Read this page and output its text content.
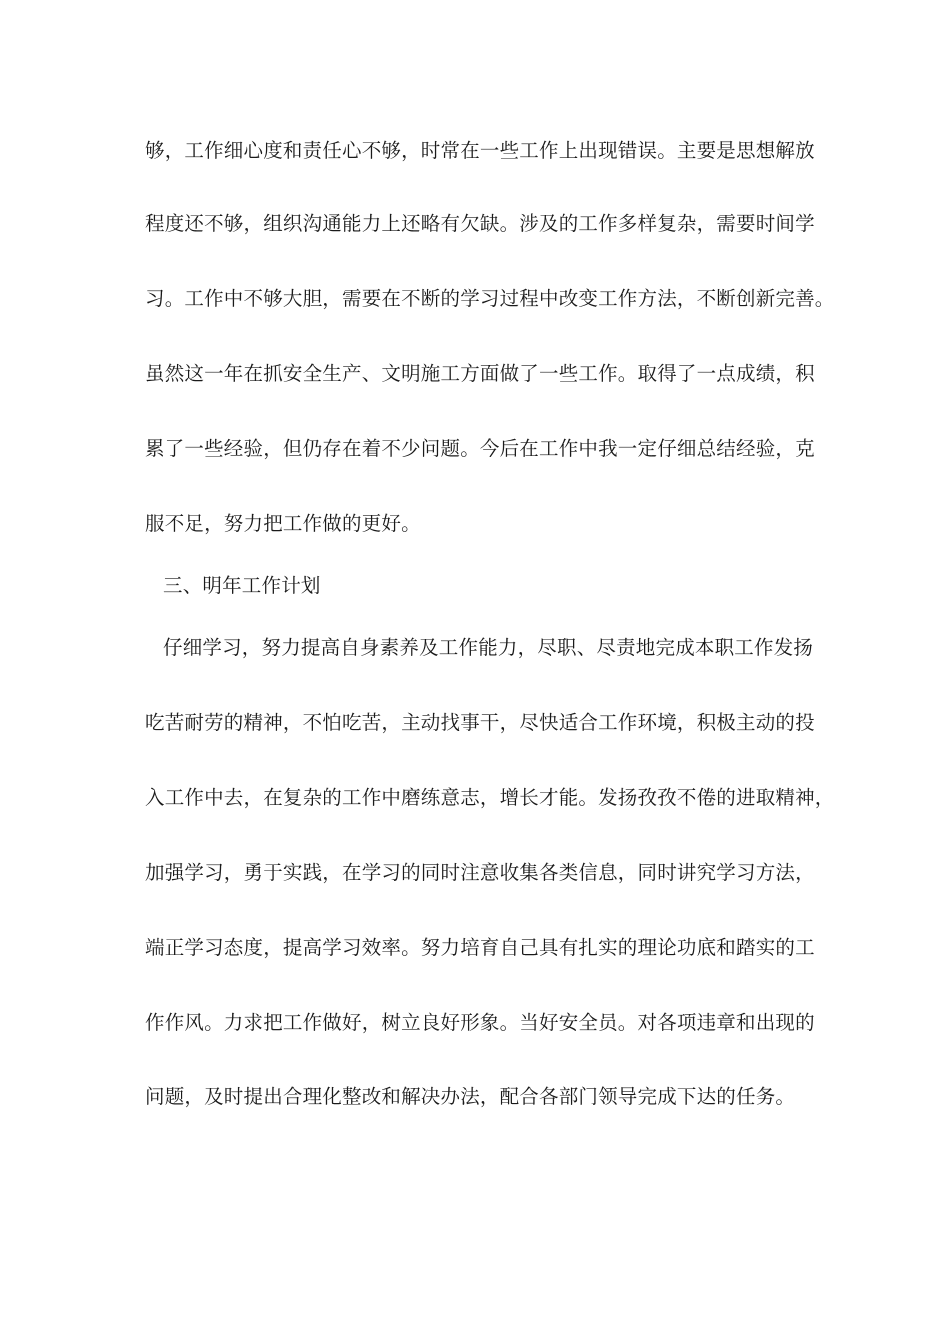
够，工作细心度和责任心不够，时常在一些工作上出现错误。主要是思想解放
程度还不够，组织沟通能力上还略有欠缺。涉及的工作多样复杂，需要时间学
习。工作中不够大胆，需要在不断的学习过程中改变工作方法，不断创新完善。
虽然这一年在抓安全生产、文明施工方面做了一些工作。取得了一点成绩，积
累了一些经验，但仍存在着不少问题。今后在工作中我一定仔细总结经验，克
服不足，努力把工作做的更好。
三、明年工作计划
仔细学习，努力提高自身素养及工作能力，尽职、尽责地完成本职工作发扬
吃苦耐劳的精神，不怕吃苦，主动找事干，尽快适合工作环境，积极主动的投
入工作中去，在复杂的工作中磨练意志，增长才能。发扬孜孜不倦的进取精神，
加强学习，勇于实践，在学习的同时注意收集各类信息，同时讲究学习方法，
端正学习态度，提高学习效率。努力培育自己具有扎实的理论功底和踏实的工
作作风。力求把工作做好，树立良好形象。当好安全员。对各项违章和出现的
问题，及时提出合理化整改和解决办法，配合各部门领导完成下达的任务。
